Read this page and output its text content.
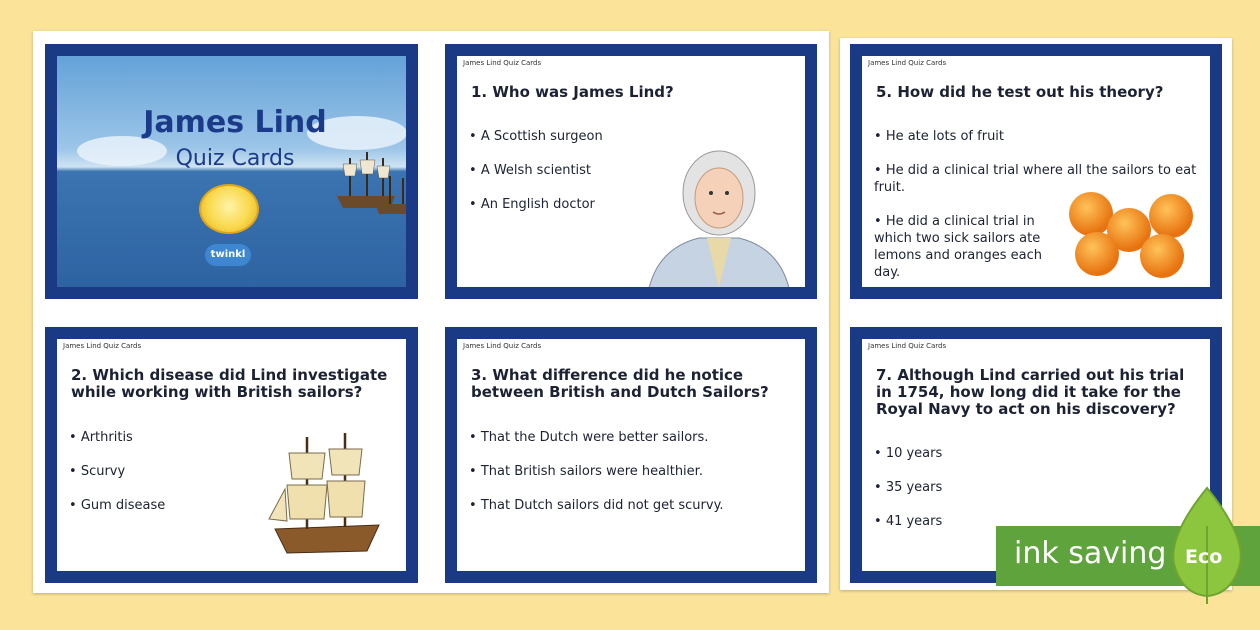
James Lind
Quiz Cards
twinkl
James Lind Quiz Cards
1. Who was James Lind?
• A Scottish surgeon
• A Welsh scientist
• An English doctor
James Lind Quiz Cards
5. How did he test out his theory?
• He ate lots of fruit
• He did a clinical trial where all the sailors to eat fruit.
• He did a clinical trial in which two sick sailors ate lemons and oranges each day.
James Lind Quiz Cards
2. Which disease did Lind investigate while working with British sailors?
• Arthritis
• Scurvy
• Gum disease
James Lind Quiz Cards
3. What difference did he notice between British and Dutch Sailors?
• That the Dutch were better sailors.
• That British sailors were healthier.
• That Dutch sailors did not get scurvy.
James Lind Quiz Cards
7. Although Lind carried out his trial in 1754, how long did it take for the Royal Navy to act on his discovery?
• 10 years
• 35 years
• 41 years
ink saving Eco
